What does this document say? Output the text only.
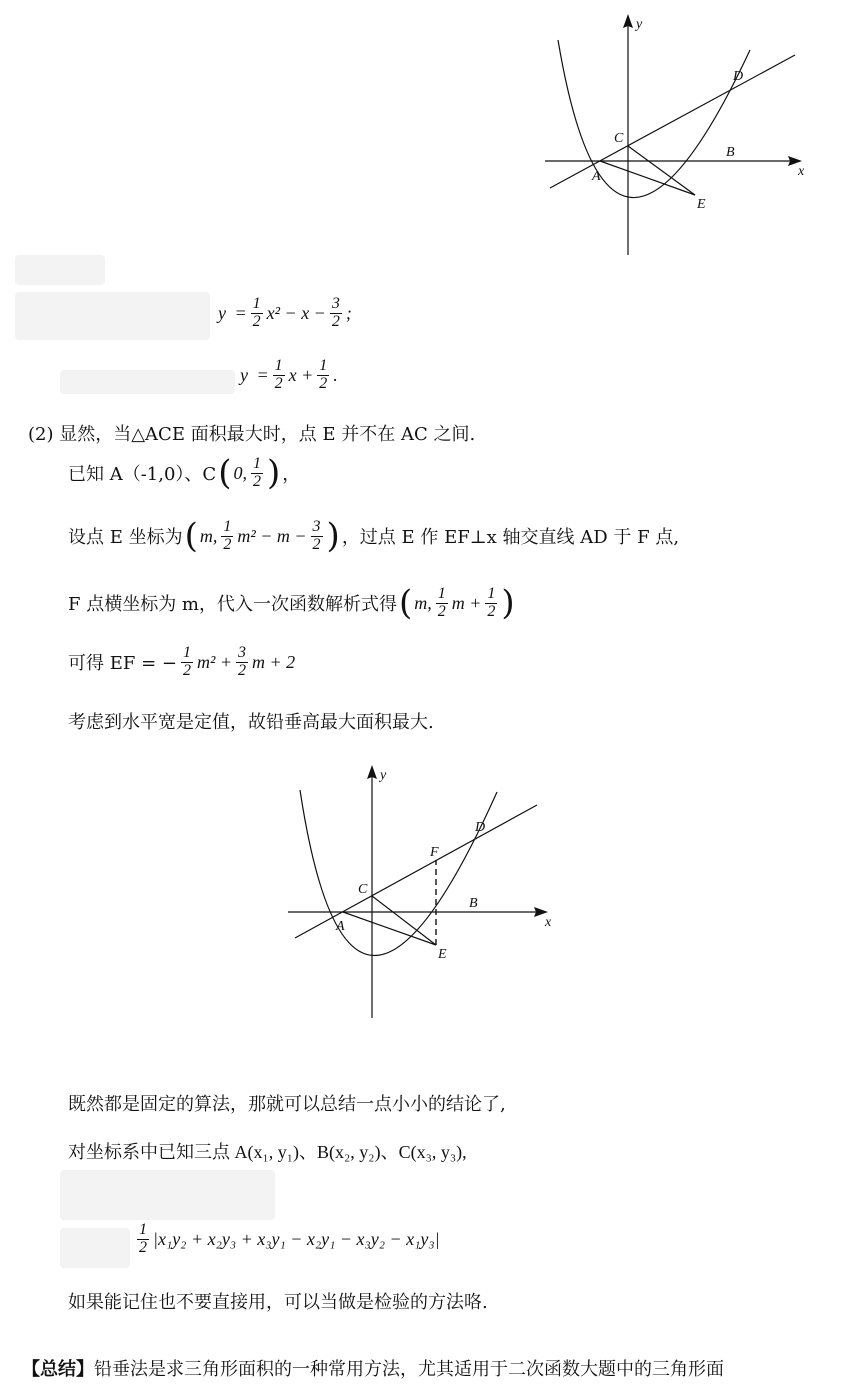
y
x
A
B
C
D
E
y
= $\frac{1}{2} x^2 - x - \frac{3}{2}$ ;
y
= $\frac{1}{2}$ $x + \frac{1}{2}$ .
(2) 显然，当△ACE 面积最大时，点 E 并不在 AC 之间.
已知 A（-1,0）、C ( 0, $\frac{1}{2}$ ) ，
设点 E 坐标为 ( m, $\frac{1}{2} m^2 - m - \frac{3}{2}$ ) ，过点 E 作 EF⊥x 轴交直线 AD 于 F 点,
F 点横坐标为 m，代入一次函数解析式得 ( m, $\frac{1}{2}$ $m + \frac{1}{2}$ )
可得 EF = − $\frac{1}{2} m^2 + \frac{3}{2}$ m + 2
考虑到水平宽是定值，故铅垂高最大面积最大.
y
x
A
B
C
D
E
F
既然都是固定的算法，那就可以总结一点小小的结论了,
对坐标系中已知三点 A(x₁, y₁)、B(x₂, y₂)、C(x₃, y₃),
$\frac{1}{2} |x_1y_2 + x_2y_3 + x_3y_1 - x_2y_1 - x_3y_2 - x_1y_3|$
如果能记住也不要直接用，可以当做是检验的方法咯.
【总结】铅垂法是求三角形面积的一种常用方法，尤其适用于二次函数大题中的三角形面
